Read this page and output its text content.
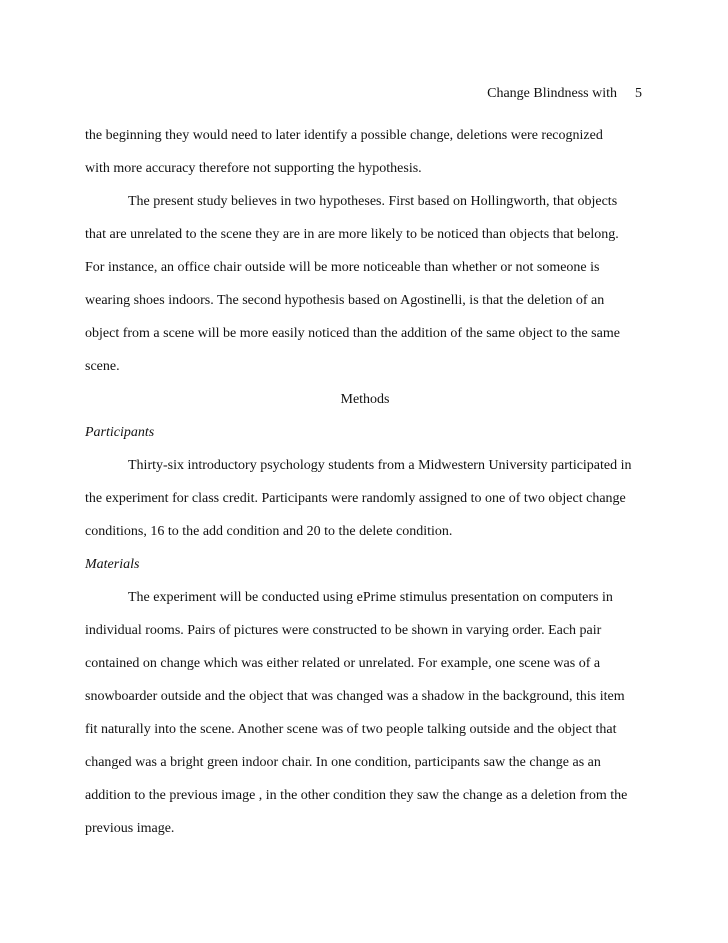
Change Blindness with 5
the beginning they would need to later identify a possible change, deletions were recognized
with more accuracy therefore not supporting the hypothesis.
The present study believes in two hypotheses. First based on Hollingworth, that objects
that are unrelated to the scene they are in are more likely to be noticed than objects that belong.
For instance, an office chair outside will be more noticeable than whether or not someone is
wearing shoes indoors. The second hypothesis based on Agostinelli, is that the deletion of an
object from a scene will be more easily noticed than the addition of the same object to the same
scene.
Methods
Participants
Thirty-six introductory psychology students from a Midwestern University participated in
the experiment for class credit. Participants were randomly assigned to one of two object change
conditions, 16 to the add condition and 20 to the delete condition.
Materials
The experiment will be conducted using ePrime stimulus presentation on computers in
individual rooms. Pairs of pictures were constructed to be shown in varying order. Each pair
contained on change which was either related or unrelated. For example, one scene was of a
snowboarder outside and the object that was changed was a shadow in the background, this item
fit naturally into the scene. Another scene was of two people talking outside and the object that
changed was a bright green indoor chair. In one condition, participants saw the change as an
addition to the previous image , in the other condition they saw the change as a deletion from the
previous image.
